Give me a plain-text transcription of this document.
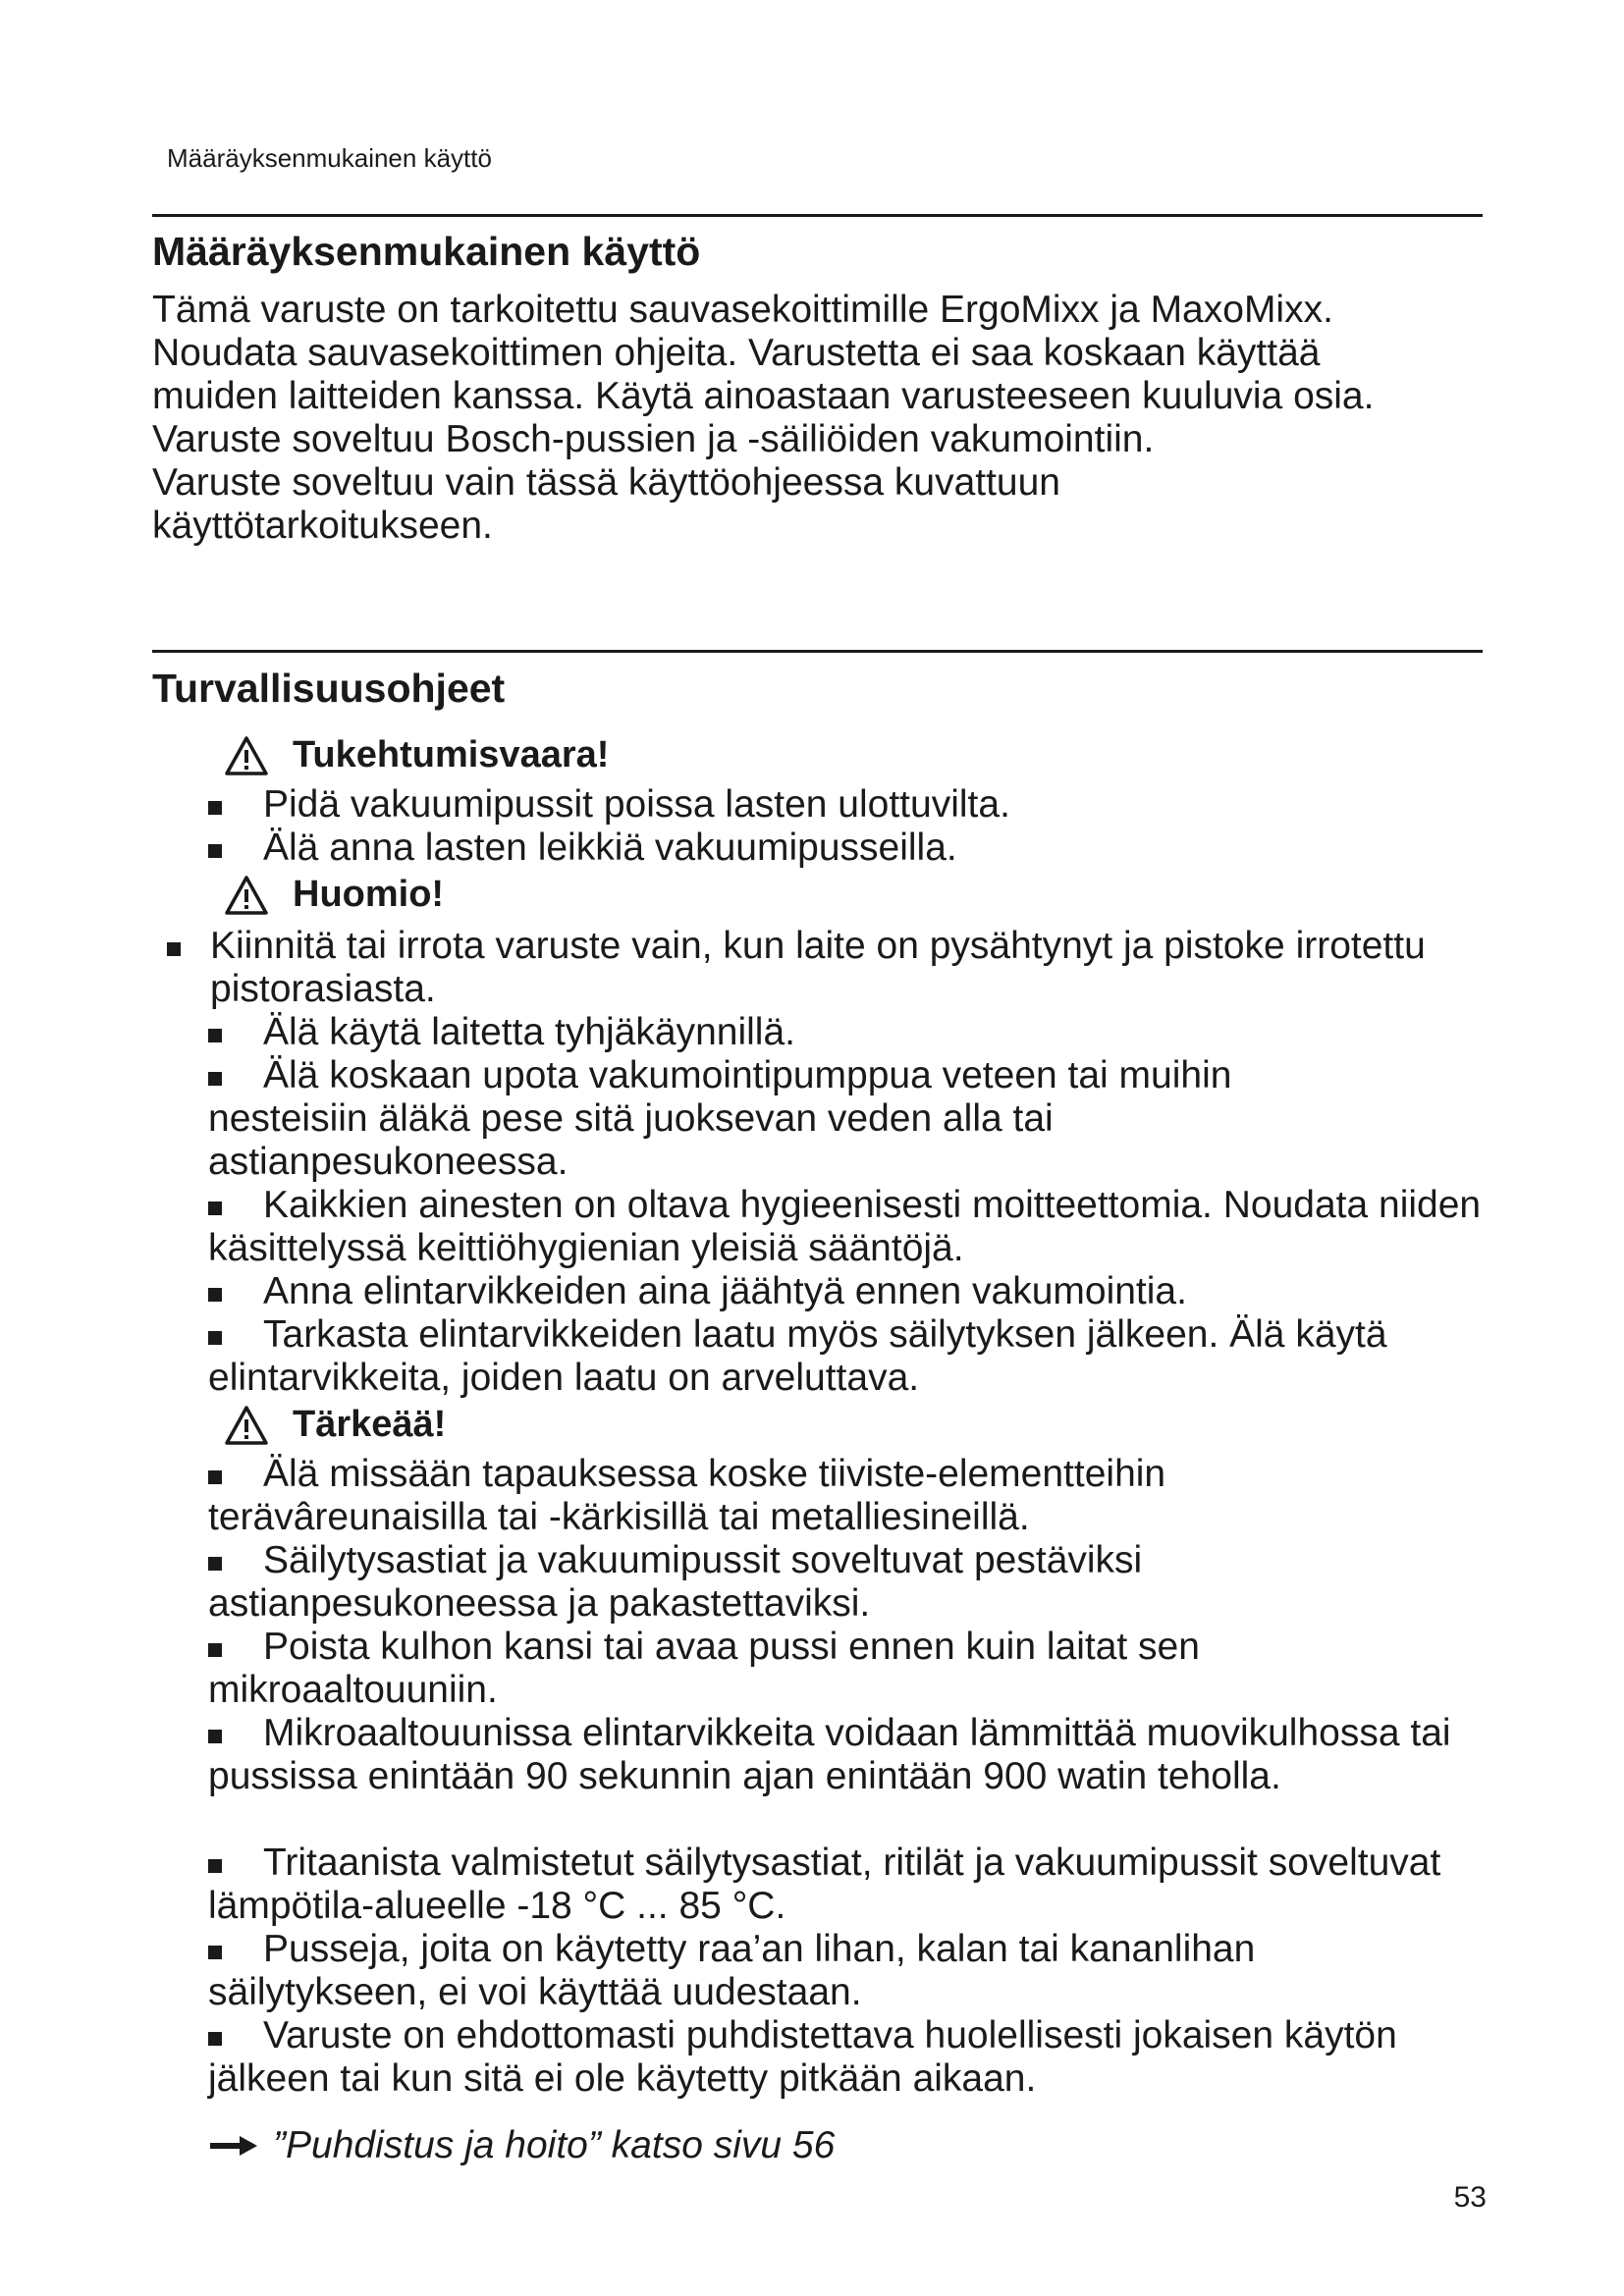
Määräyksenmukainen käyttö
Määräyksenmukainen käyttö

Tämä varuste on tarkoitettu sauvasekoittimille ErgoMixx ja MaxoMixx.

Noudata sauvasekoittimen ohjeita. Varustetta ei saa koskaan käyttää muiden laitteiden kanssa. Käytä ainoastaan varusteeseen kuuluvia osia. Varuste soveltuu Bosch-pussien ja -säiliöiden vakumointiin.

Varuste soveltuu vain tässä käyttöohjeessa kuvattuun käyttötarkoitukseen.

Turvallisuusohjeet
Tukehtumisvaara!
Pidä vakuumipussit poissa lasten ulottuvilta.
Älä anna lasten leikkiä vakuumipusseilla.
Huomio!
Kiinnitä tai irrota varuste vain, kun laite on pysähtynyt ja pistoke irrotettu pistorasiasta.
Älä käytä laitetta tyhjäkäynnillä.
Älä koskaan upota vakumointipumppua veteen tai muihin nesteisiin äläkä pese sitä juoksevan veden alla tai astianpesukoneessa.
Kaikkien ainesten on oltava hygieenisesti moitteettomia. Noudata niiden käsittelyssä keittiöhygienian yleisiä sääntöjä.
Anna elintarvikkeiden aina jäähtyä ennen vakumointia.
Tarkasta elintarvikkeiden laatu myös säilytyksen jälkeen. Älä käytä elintarvikkeita, joiden laatu on arveluttava.
Tärkeää!
Älä missään tapauksessa koske tiiviste-elementteihin terävâreunaisilla tai -kärkisillä tai metalliesineillä.
Säilytysastiat ja vakuumipussit soveltuvat pestäviksi astianpesukoneessa ja pakastettaviksi.
Poista kulhon kansi tai avaa pussi ennen kuin laitat sen mikroaaltouuniin.
Mikroaaltouunissa elintarvikkeita voidaan lämmittää muovikulhossa tai pussissa enintään 90 sekunnin ajan enintään 900 watin teholla.
Tritaanista valmistetut säilytysastiat, ritilät ja vakuumipussit soveltuvat lämpötila-alueelle -18 °C ... 85 °C.
Pusseja, joita on käytetty raa’an lihan, kalan tai kananlihan säilytykseen, ei voi käyttää uudestaan.
Varuste on ehdottomasti puhdistettava huolellisesti jokaisen käytön jälkeen tai kun sitä ei ole käytetty pitkään aikaan.
”Puhdistus ja hoito” katso sivu 56
53
